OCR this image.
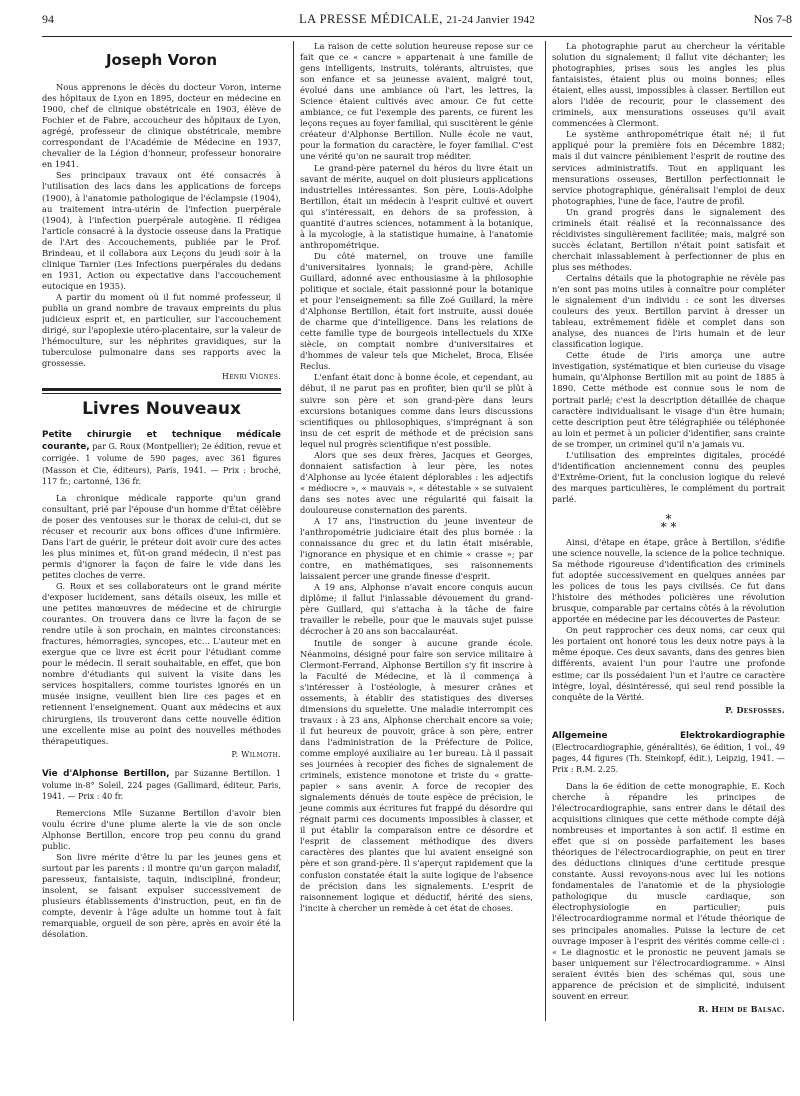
94	LA PRESSE MÉDICALE, 21-24 Janvier 1942	Nos 7-8
Joseph Voron

Nous apprenons le décès du docteur Voron, interne des hôpitaux de Lyon en 1895, docteur en médecine en 1900, chef de clinique obstétricale en 1903, élève de Fochier et de Fabre, accoucheur des hôpitaux de Lyon, agrégé, professeur de clinique obstétricale, membre correspondant de l'Académie de Médecine en 1937, chevalier de la Légion d'honneur, professeur honoraire en 1941.

Ses principaux travaux ont été consacrés à l'utilisation des lacs dans les applications de forceps (1900), à l'anatomie pathologique de l'éclampsie (1904), au traitement intra-utérin de l'infection puerpérale (1904), à l'infection puerpérale autogène. Il rédigea l'article consacré à la dystocie osseuse dans la Pratique de l'Art des Accouchements, publiée par le Prof. Brindeau, et il collabora aux Leçons du jeudi soir à la clinique Tarnier (Les Infections puerpérales du dedans en 1931, Action ou expectative dans l'accouchement eutocique en 1935).

A partir du moment où il fut nommé professeur, il publia un grand nombre de travaux empreints du plus judicieux esprit et, en particulier, sur l'accouchement dirigé, sur l'apoplexie utéro-placentaire, sur la valeur de l'hémoculture, sur les néphrites gravidiques, sur la tuberculose pulmonaire dans ses rapports avec la grossesse.

Henri Vignes.
Livres Nouveaux

Petite chirurgie et technique médicale courante, par G. Roux (Montpellier); 2e édition, revue et corrigée. 1 volume de 590 pages, avec 361 figures (Masson et Cie, éditeurs), Paris, 1941. — Prix : broché, 117 fr.; cartonné, 136 fr.

La chronique médicale rapporte qu'un grand consultant, prié par l'épouse d'un homme d'État célèbre de poser des ventouses sur le thorax de celui-ci, dut se récuser et recourir aux bons offices d'une infirmière. Dans l'art de guérir, le préteur doit avoir cure des actes les plus minimes et, fût-on grand médecin, il n'est pas permis d'ignorer la façon de faire le vide dans les petites cloches de verre.

G. Roux et ses collaborateurs ont le grand mérite d'exposer lucidement, sans détails oiseux, les mille et une petites manœuvres de médecine et de chirurgie courantes. On trouvera dans ce livre la façon de se rendre utile à son prochain, en maintes circonstances: fractures, hémorragies, syncopes, etc... L'auteur met en exergue que ce livre est écrit pour l'étudiant comme pour le médecin. Il serait souhaitable, en effet, que bon nombre d'étudiants qui suivent la visite dans les services hospitaliers, comme touristes ignorés en un musée insigne, veuillent bien lire ces pages et en retiennent l'enseignement. Quant aux médecins et aux chirurgiens, ils trouveront dans cette nouvelle édition une excellente mise au point des nouvelles méthodes thérapeutiques.

P. Wilmoth.

Vie d'Alphonse Bertillon, par Suzanne Bertillon. 1 volume in-8° Soleil, 224 pages (Gallimard, éditeur, Paris, 1941. — Prix : 40 fr.

Remercions Mlle Suzanne Bertillon d'avoir bien voulu écrire d'une plume alerte la vie de son oncle Alphonse Bertillon, encore trop peu connu du grand public.

Son livre mérite d'être lu par les jeunes gens et surtout par les parents : il montre qu'un garçon maladif, paresseux, fantaisiste, taquin, indiscipliné, frondeur, insolent, se faisant expulser successivement de plusieurs établissements d'instruction, peut, en fin de compte, devenir à l'âge adulte un homme tout à fait remarquable, orgueil de son père, après en avoir été la désolation.

La raison de cette solution heureuse repose sur ce fait que ce « cancre » appartenait à une famille de gens intelligents, instruits, tolérants, altruistes, que son enfance et sa jeunesse avaient, malgré tout, évolué dans une ambiance où l'art, les lettres, la Science étaient cultivés avec amour. Ce fut cette ambiance, ce fut l'exemple des parents, ce furent les leçons reçues au foyer familial, qui suscitèrent le génie créateur d'Alphonse Bertillon. Nulle école ne vaut, pour la formation du caractère, le foyer familial. C'est une vérité qu'on ne saurait trop méditer.

Le grand-père paternel du héros du livre était un savant de mérite, auquel on doit plusieurs applications industrielles intéressantes. Son père, Louis-Adolphe Bertillon, était un médecin à l'esprit cultivé et ouvert qui s'intéressait, en dehors de sa profession, à quantité d'autres sciences, notamment à la botanique, à la mycologie, à la statistique humaine, à l'anatomie anthropométrique.

Du côté maternel, on trouve une famille d'universitaires lyonnais; le grand-père, Achille Guillard, adonné avec enthousiasme à la philosophie politique et sociale, était passionné pour la botanique et pour l'enseignement: sa fille Zoé Guillard, la mère d'Alphonse Bertillon, était fort instruite, aussi douée de charme que d'intelligence. Dans les relations de cette famille type de bourgeois intellectuels du XIXe siècle, on comptait nombre d'universitaires et d'hommes de valeur tels que Michelet, Broca, Elisée Reclus.

L'enfant était donc à bonne école, et cependant, au début, il ne parut pas en profiter, bien qu'il se plût à suivre son père et son grand-père dans leurs excursions botaniques comme dans leurs discussions scientifiques ou philosophiques, s'imprégnant à son insu de cet esprit de méthode et de précision sans lequel nul progrès scientifique n'est possible.

Alors que ses deux frères, Jacques et Georges, donnaient satisfaction à leur père, les notes d'Alphonse au lycée étaient déplorables : les adjectifs « médiocre », « mauvais », « détestable » se suivaient dans ses notes avec une régularité qui faisait la douloureuse consternation des parents.

A 17 ans, l'instruction du jeune inventeur de l'anthropométrie judiciaire était des plus bornée : la connaissance du grec et du latin était misérable, l'ignorance en physique et en chimie « crasse »; par contre, en mathématiques, ses raisonnements laissaient percer une grande finesse d'esprit.

A 19 ans, Alphonse n'avait encore conquis aucun diplôme; il fallut l'inlassable dévouement du grand-père Guillard, qui s'attacha à la tâche de faire travailler le rebelle, pour que le mauvais sujet puisse décrocher à 20 ans son baccalauréat.

Inutile de songer à aucune grande école. Néanmoins, désigné pour faire son service militaire à Clermont-Ferrand, Alphonse Bertillon s'y fit inscrire à la Faculté de Médecine, et là il commença à s'intéresser à l'ostéologie, à mesurer crânes et ossements, à établir des statistiques des diverses dimensions du squelette. Une maladie interrompit ces travaux : à 23 ans, Alphonse cherchait encore sa voie; il fut heureux de pouvoir, grâce à son père, entrer dans l'administration de la Préfecture de Police, comme employé auxiliaire au 1er bureau. Là il passait ses journées à recopier des fiches de signalement de criminels, existence monotone et triste du « gratte-papier » sans avenir. A force de recopier des signalements dénués de toute espèce de précision, le jeune commis aux écritures fut frappé du désordre qui régnait parmi ces documents impossibles à classer, et il put établir la comparaison entre ce désordre et l'esprit de classement méthodique des divers caractères des plantes que lui avaient enseigné son père et son grand-père. Il s'aperçut rapidement que la confusion constatée était la suite logique de l'absence de précision dans les signalements. L'esprit de raisonnement logique et déductif, hérité des siens, l'incite à chercher un remède à cet état de choses.

La photographie parut au chercheur la véritable solution du signalement; il fallut vite déchanter; les photographies, prises sous les angles les plus fantaisistes, étaient plus ou moins bonnes; elles étaient, elles aussi, impossibles à classer. Bertillon eut alors l'idée de recourir, pour le classement des criminels, aux mensurations osseuses qu'il avait commencées à Clermont.

Le système anthropométrique était né; il fut appliqué pour la première fois en Décembre 1882; mais il dut vaincre péniblement l'esprit de routine des services administratifs. Tout en appliquant les mensurations osseuses, Bertillon perfectionnait le service photographique, généralisait l'emploi de deux photographies, l'une de face, l'autre de profil.

Un grand progrès dans le signalement des criminels était réalisé et la reconnaissance des récidivistes singulièrement facilitée; mais, malgré son succès éclatant, Bertillon n'était point satisfait et cherchait inlassablement à perfectionner de plus en plus ses méthodes.

Certains détails que la photographie ne révèle pas n'en sont pas moins utiles à connaître pour compléter le signalement d'un individu : ce sont les diverses couleurs des yeux. Bertillon parvint à dresser un tableau, extrêmement fidèle et complet dans son analyse, des nuances de l'iris humain et de leur classification logique.

Cette étude de l'iris amorça une autre investigation, systématique et bien curieuse du visage humain, qu'Alphonse Bertillon mit au point de 1885 à 1890. Cette méthode est connue sous le nom de portrait parlé; c'est la description détaillée de chaque caractère individualisant le visage d'un être humain; cette description peut être télégraphiée ou téléphonée au loin et permet à un policier d'identifier, sans crainte de se tromper, un criminel qu'il n'a jamais vu.

L'utilisation des empreintes digitales, procédé d'identification anciennement connu des peuples d'Extrême-Orient, fut la conclusion logique du relevé des marques particulières, le complément du portrait parlé.

*
* *

Ainsi, d'étape en étape, grâce à Bertillon, s'édifie une science nouvelle, la science de la police technique. Sa méthode rigoureuse d'identification des criminels fut adoptée successivement en quelques années par les polices de tous les pays civilisés. Ce fut dans l'histoire des méthodes policières une révolution brusque, comparable par certains côtés à la révolution apportée en médecine par les découvertes de Pasteur.

On peut rapprocher ces deux noms, car ceux qui les portaient ont honoré tous les deux notre pays à la même époque. Ces deux savants, dans des genres bien différents, avaient l'un pour l'autre une profonde estime; car ils possédaient l'un et l'autre ce caractère intègre, loyal, désintéressé, qui seul rend possible la conquête de la Vérité.

P. Desfosses.

Allgemeine Elektrokardiographie (Electrocardiographie, généralités), 6e édition, 1 vol., 49 pages, 44 figures (Th. Steinkopf, édit.), Leipzig, 1941. — Prix : R.M. 2.25.

Dans la 6e édition de cette monographie, E. Koch cherche à répandre les principes de l'électrocardiographie, sans entrer dans le détail des acquisitions cliniques que cette méthode compte déjà nombreuses et importantes à son actif. Il estime en effet que si on possède parfaitement les bases théoriques de l'électrocardiographie, on peut en tirer des déductions cliniques d'une certitude presque constante. Aussi revoyons-nous avec lui les notions fondamentales de l'anatomie et de la physiologie pathologique du muscle cardiaque, son électrophysiologie en particulier; puis l'électrocardiogramme normal et l'étude théorique de ses principales anomalies. Puisse la lecture de cet ouvrage imposer à l'esprit des vérités comme celle-ci : « Le diagnostic et le pronostic ne peuvent jamais se baser uniquement sur l'électrocardiogramme. » Ainsi seraient évités bien des schémas qui, sous une apparence de précision et de simplicité, induisent souvent en erreur.

R. Heim de Balsac.
